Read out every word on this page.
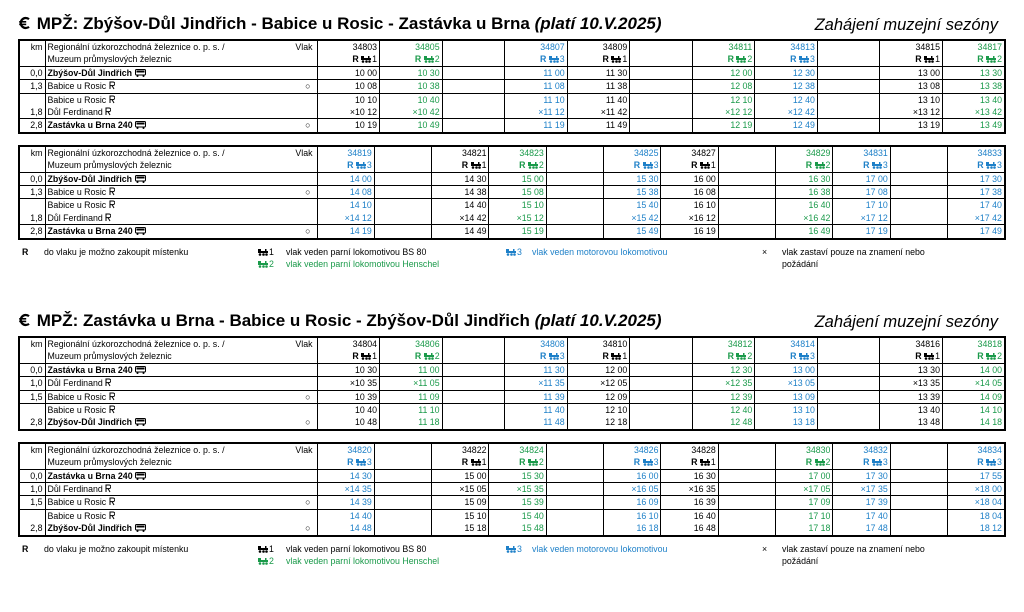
MPŽ: Zbýšov-Důl Jindřich - Babice u Rosic - Zastávka u Brna (platí 10.V.2025)	Zahájení muzejní sezóny
km	Regionální úzkorozchodná železnice o. p. s. / Vlak	34803	34805		34807	34809		34811	34813		34815	34817
	Muzeum průmyslových železnic	R 1	R 2		R 3	R 1		R 2	R 3		R 1	R 2
0,0	Zbýšov-Důl Jindřich	10 00	10 30		11 00	11 30		12 00	12 30		13 00	13 30
1,3	Babice u Rosic ○	10 08	10 38		11 08	11 38		12 08	12 38		13 08	13 38
	Babice u Rosic	10 10	10 40		11 10	11 40		12 10	12 40		13 10	13 40
1,8	Důl Ferdinand	×10 12	×10 42		×11 12	×11 42		×12 12	×12 42		×13 12	×13 42
2,8	Zastávka u Brna 240 ○	10 19	10 49		11 19	11 49		12 19	12 49		13 19	13 49
km	Regionální úzkorozchodná železnice o. p. s. / Vlak	34819		34821	34823		34825	34827		34829	34831		34833
	Muzeum průmyslových železnic	R 3		R 1	R 2		R 3	R 1		R 2	R 3		R 3
0,0	Zbýšov-Důl Jindřich	14 00		14 30	15 00		15 30	16 00		16 30	17 00		17 30
1,3	Babice u Rosic ○	14 08		14 38	15 08		15 38	16 08		16 38	17 08		17 38
	Babice u Rosic	14 10		14 40	15 10		15 40	16 10		16 40	17 10		17 40
1,8	Důl Ferdinand	×14 12		×14 42	×15 12		×15 42	×16 12		×16 42	×17 12		×17 42
2,8	Zastávka u Brna 240 ○	14 19		14 49	15 19		15 49	16 19		16 49	17 19		17 49
R do vlaku je možno zakoupit místenku	1 vlak veden parní lokomotivou BS 80
2 vlak veden parní lokomotivou Henschel
3 vlak veden motorovou lokomotivou	× vlak zastaví pouze na znamení nebo
požádání
MPŽ: Zastávka u Brna - Babice u Rosic - Zbýšov-Důl Jindřich (platí 10.V.2025)	Zahájení muzejní sezóny
km	Regionální úzkorozchodná železnice o. p. s. / Vlak	34804	34806		34808	34810		34812	34814		34816	34818
	Muzeum průmyslových železnic	R 1	R 2		R 3	R 1		R 2	R 3		R 1	R 2
0,0	Zastávka u Brna 240	10 30	11 00		11 30	12 00		12 30	13 00		13 30	14 00
1,0	Důl Ferdinand	×10 35	×11 05		×11 35	×12 05		×12 35	×13 05		×13 35	×14 05
1,5	Babice u Rosic ○	10 39	11 09		11 39	12 09		12 39	13 09		13 39	14 09
	Babice u Rosic	10 40	11 10		11 40	12 10		12 40	13 10		13 40	14 10
2,8	Zbýšov-Důl Jindřich ○	10 48	11 18		11 48	12 18		12 48	13 18		13 48	14 18
km	Regionální úzkorozchodná železnice o. p. s. / Vlak	34820		34822	34824		34826	34828		34830	34832		34834
	Muzeum průmyslových železnic	R 3		R 1	R 2		R 3	R 1		R 2	R 3		R 3
0,0	Zastávka u Brna 240	14 30		15 00	15 30		16 00	16 30		17 00	17 30		17 55
1,0	Důl Ferdinand	×14 35		×15 05	×15 35		×16 05	×16 35		×17 05	×17 35		×18 00
1,5	Babice u Rosic ○	14 39		15 09	15 39		16 09	16 39		17 09	17 39		×18 04
	Babice u Rosic	14 40		15 10	15 40		16 10	16 40		17 10	17 40		18 04
2,8	Zbýšov-Důl Jindřich ○	14 48		15 18	15 48		16 18	16 48		17 18	17 48		18 12
R do vlaku je možno zakoupit místenku	1 vlak veden parní lokomotivou BS 80
2 vlak veden parní lokomotivou Henschel
3 vlak veden motorovou lokomotivou	× vlak zastaví pouze na znamení nebo
požádání
